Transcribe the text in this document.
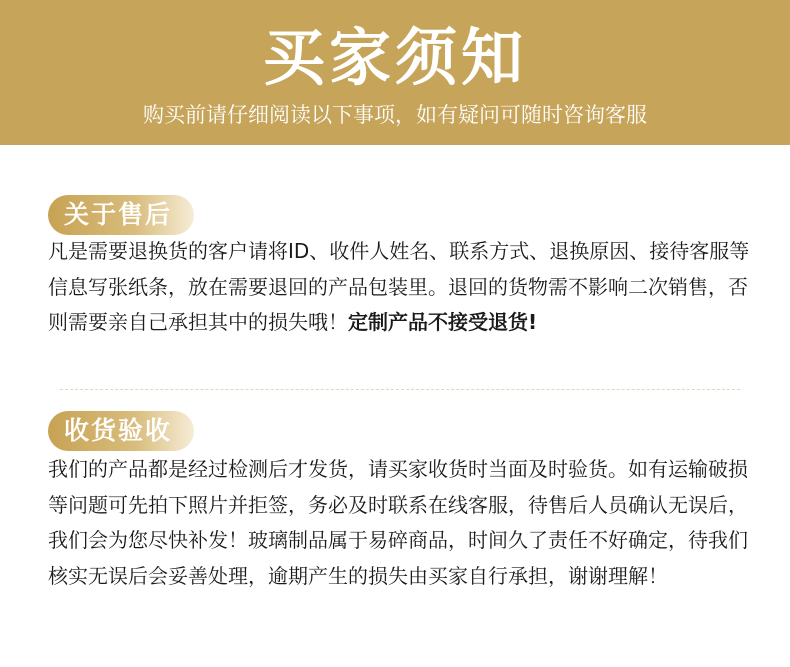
买家须知
购买前请仔细阅读以下事项，如有疑问可随时咨询客服
关于售后
凡是需要退换货的客户请将ID、收件人姓名、联系方式、退换原因、接待客服等信息写张纸条，放在需要退回的产品包装里。退回的货物需不影响二次销售，否则需要亲自己承担其中的损失哦！定制产品不接受退货!
收货验收
我们的产品都是经过检测后才发货，请买家收货时当面及时验货。如有运输破损等问题可先拍下照片并拒签，务必及时联系在线客服，待售后人员确认无误后，我们会为您尽快补发！玻璃制品属于易碎商品，时间久了责任不好确定，待我们核实无误后会妥善处理，逾期产生的损失由买家自行承担，谢谢理解！
